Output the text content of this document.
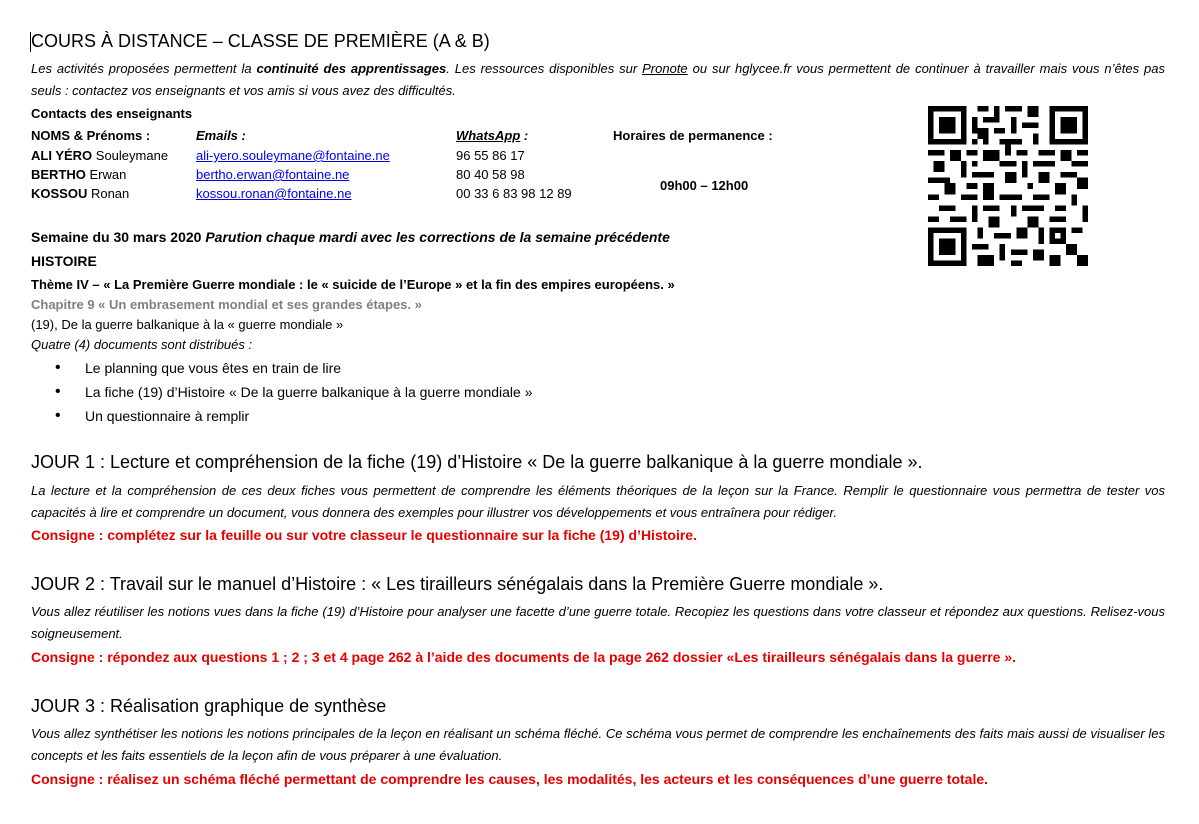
COURS À DISTANCE – CLASSE DE PREMIÈRE (A & B)
Les activités proposées permettent la continuité des apprentissages. Les ressources disponibles sur Pronote ou sur hglycee.fr vous permettent de continuer à travailler mais vous n’êtes pas seuls : contactez vos enseignants et vos amis si vous avez des difficultés.
Contacts des enseignants
NOMS & Prénoms :	Emails :	WhatsApp :	Horaires de permanence :
ALI YÉRO Souleymane ali-yero.souleymane@fontaine.ne	96 55 86 17
BERTHO Erwan	bertho.erwan@fontaine.ne	80 40 58 98
KOSSOU Ronan	kossou.ronan@fontaine.ne	00 33 6 83 98 12 89
09h00 – 12h00
Semaine du 30 mars 2020 Parution chaque mardi avec les corrections de la semaine précédente
HISTOIRE
Thème IV – « La Première Guerre mondiale : le « suicide de l’Europe » et la fin des empires européens. »
Chapitre 9 « Un embrasement mondial et ses grandes étapes. »
(19), De la guerre balkanique à la « guerre mondiale »
Quatre (4) documents sont distribués :
• Le planning que vous êtes en train de lire
• La fiche (19) d’Histoire « De la guerre balkanique à la guerre mondiale »
• Un questionnaire à remplir
JOUR 1 : Lecture et compréhension de la fiche (19) d’Histoire « De la guerre balkanique à la guerre mondiale ».
La lecture et la compréhension de ces deux fiches vous permettent de comprendre les éléments théoriques de la leçon sur la France. Remplir le questionnaire vous permettra de tester vos capacités à lire et comprendre un document, vous donnera des exemples pour illustrer vos développements et vous entraînera pour rédiger.
Consigne : complétez sur la feuille ou sur votre classeur le questionnaire sur la fiche (19) d’Histoire.
JOUR 2 : Travail sur le manuel d’Histoire : « Les tirailleurs sénégalais dans la Première Guerre mondiale ».
Vous allez réutiliser les notions vues dans la fiche (19) d’Histoire pour analyser une facette d’une guerre totale. Recopiez les questions dans votre classeur et répondez aux questions. Relisez-vous soigneusement.
Consigne : répondez aux questions 1 ; 2 ; 3 et 4 page 262 à l’aide des documents de la page 262 dossier «Les tirailleurs sénégalais dans la guerre ».
JOUR 3 : Réalisation graphique de synthèse
Vous allez synthétiser les notions les notions principales de la leçon en réalisant un schéma fléché. Ce schéma vous permet de comprendre les enchaînements des faits mais aussi de visualiser les concepts et les faits essentiels de la leçon afin de vous préparer à une évaluation.
Consigne : réalisez un schéma fléché permettant de comprendre les causes, les modalités, les acteurs et les conséquences d’une guerre totale.
